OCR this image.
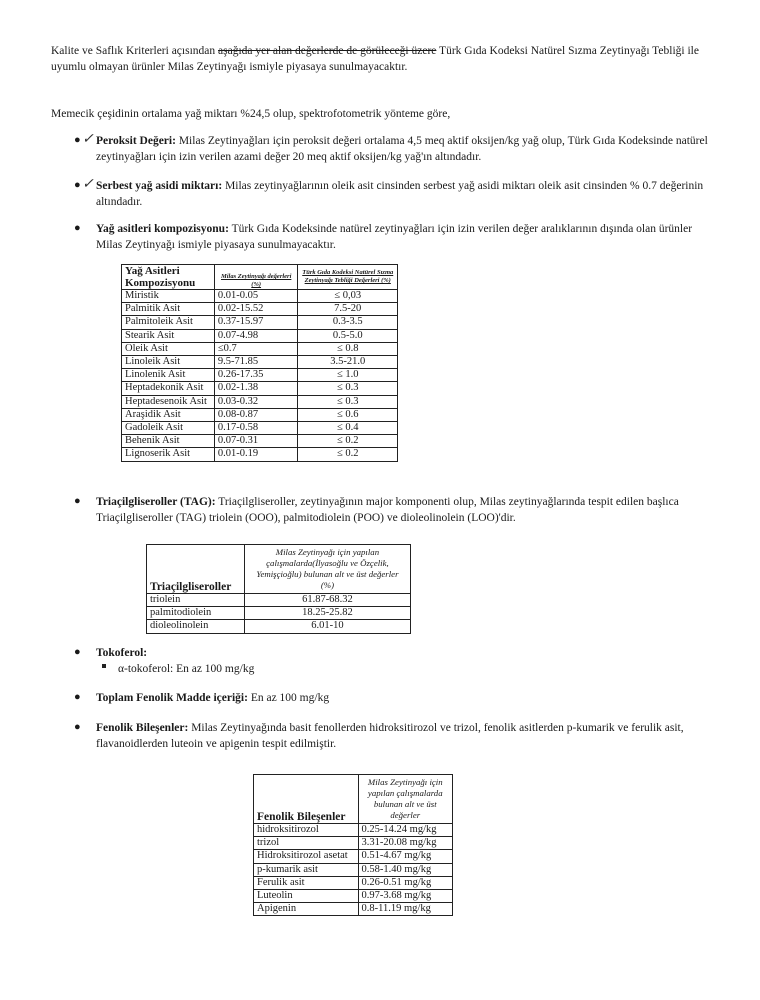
Kalite ve Saflık Kriterleri açısından aşağıda yer alan değerlerde de görüleceği üzere Türk Gıda Kodeksi Natürel Sızma Zeytinyağı Tebliği ile uyumlu olmayan ürünler Milas Zeytinyağı ismiyle piyasaya sunulmayacaktır.
Memecik çeşidinin ortalama yağ miktarı %24,5 olup, spektrofotometrik yönteme göre,
● ✓ Peroksit Değeri: Milas Zeytinyağları için peroksit değeri ortalama 4,5 meq aktif oksijen/kg yağ olup, Türk Gıda Kodeksinde natürel zeytinyağları için izin verilen azami değer 20 meq aktif oksijen/kg yağ'ın altındadır.
● ✓ Serbest yağ asidi miktarı: Milas zeytinyağlarının oleik asit cinsinden serbest yağ asidi miktarı oleik asit cinsinden % 0.7 değerinin altındadır.
● Yağ asitleri kompozisyonu: Türk Gıda Kodeksinde natürel zeytinyağları için izin verilen değer aralıklarının dışında olan ürünler Milas Zeytinyağı ismiyle piyasaya sunulmayacaktır.
Yağ Asitleri Kompozisyonu	Milas Zeytinyağı değerleri (%)	Türk Gıda Kodeksi Natürel Sızma Zeytinyağı Tebliği Değerleri (%)
Miristik	0.01-0.05	≤ 0,03
Palmitik Asit	0.02-15.52	7.5-20
Palmitoleik Asit	0.37-15.97	0.3-3.5
Stearik Asit	0.07-4.98	0.5-5.0
Oleik Asit	≤0.7	≤ 0.8
Linoleik Asit	9.5-71.85	3.5-21.0
Linolenik Asit	0.26-17.35	≤ 1.0
Heptadekonik Asit	0.02-1.38	≤ 0.3
Heptadesenoik Asit	0.03-0.32	≤ 0.3
Araşidik Asit	0.08-0.87	≤ 0.6
Gadoleik Asit	0.17-0.58	≤ 0.4
Behenik Asit	0.07-0.31	≤ 0.2
Lignoserik Asit	0.01-0.19	≤ 0.2
● Triaçilgliseroller (TAG): Triaçilgliseroller, zeytinyağının major komponenti olup, Milas zeytinyağlarında tespit edilen başlıca Triaçilgliseroller (TAG) triolein (OOO), palmitodiolein (POO) ve dioleolinolein (LOO)'dir.
Triaçilgliseroller	Milas Zeytinyağı için yapılan çalışmalarda(İlyasoğlu ve Özçelik, Yemişçioğlu) bulunan alt ve üst değerler (%)
triolein	61.87-68.32
palmitodiolein	18.25-25.82
dioleolinolein	6.01-10
● Tokoferol:
α-tokoferol: En az 100 mg/kg
● Toplam Fenolik Madde içeriği: En az 100 mg/kg
● Fenolik Bileşenler: Milas Zeytinyağında basit fenollerden hidroksitirozol ve trizol, fenolik asitlerden p-kumarik ve ferulik asit, flavanoidlerden luteoin ve apigenin tespit edilmiştir.
Fenolik Bileşenler	Milas Zeytinyağı için yapılan çalışmalarda bulunan alt ve üst değerler
hidroksitirozol	0.25-14.24 mg/kg
trizol	3.31-20.08 mg/kg
Hidroksitirozol asetat	0.51-4.67 mg/kg
p-kumarik asit	0.58-1.40 mg/kg
Ferulik asit	0.26-0.51 mg/kg
Luteolin	0.97-3.68 mg/kg
Apigenin	0.8-11.19 mg/kg
